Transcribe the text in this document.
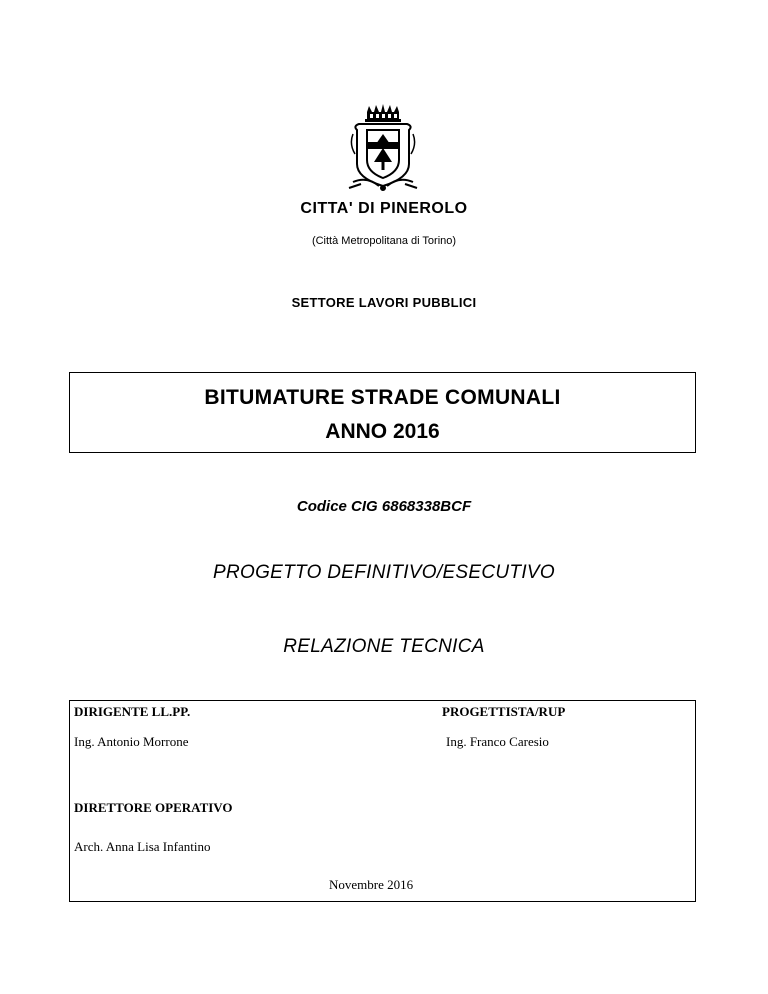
CITTA' DI PINEROLO
(Città Metropolitana di Torino)
SETTORE LAVORI PUBBLICI
BITUMATURE STRADE COMUNALI
ANNO 2016
Codice CIG 6868338BCF
PROGETTO DEFINITIVO/ESECUTIVO
RELAZIONE TECNICA
DIRIGENTE LL.PP.
Ing. Antonio Morrone
PROGETTISTA/RUP
Ing. Franco Caresio
DIRETTORE OPERATIVO
Arch. Anna Lisa Infantino
Novembre 2016
